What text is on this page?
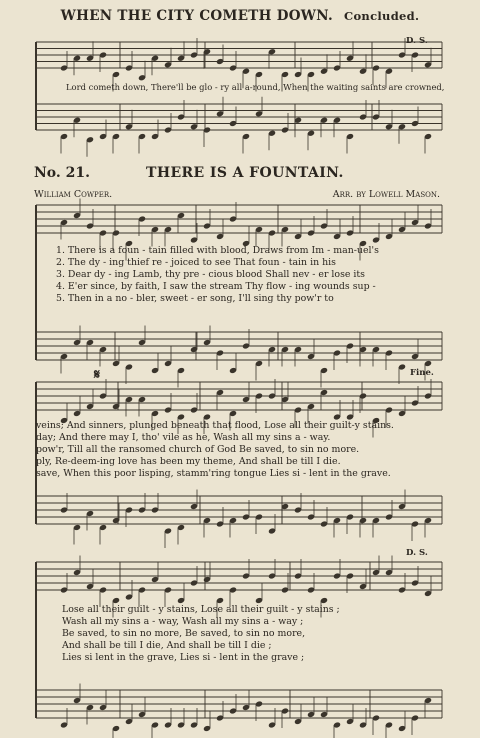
WHEN THE CITY COMETH DOWN. Concluded.
D. S.
Lord cometh down, There'll be glo - ry all a-round, When the waiting saints are crowned,
No. 21.	THERE IS A FOUNTAIN.
William Cowper.	Arr. by Lowell Mason.
1. There is a foun - tain filled with blood, Draws from Im - man-uel's
2. The dy - ing thief re - joiced to see That foun - tain in his
3. Dear dy - ing Lamb, thy pre - cious blood Shall nev - er lose its
4. E'er since, by faith, I saw the stream Thy flow - ing wounds sup -
5. Then in a no - bler, sweet - er song, I'll sing thy pow'r to
𝄋	Fine.
veins; And sinners, plunged beneath that flood, Lose all their guilt-y stains.
day; And there may I, tho' vile as he, Wash all my sins a - way.
pow'r, Till all the ransomed church of God Be saved, to sin no more.
ply, Re-deem-ing love has been my theme, And shall be till I die.
save, When this poor lisping, stamm'ring tongue Lies si - lent in the grave.
D. S.
Lose all their guilt - y stains, Lose all their guilt - y stains ;
Wash all my sins a - way, Wash all my sins a - way ;
Be saved, to sin no more, Be saved, to sin no more,
And shall be till I die, And shall be till I die ;
Lies si lent in the grave, Lies si - lent in the grave ;
